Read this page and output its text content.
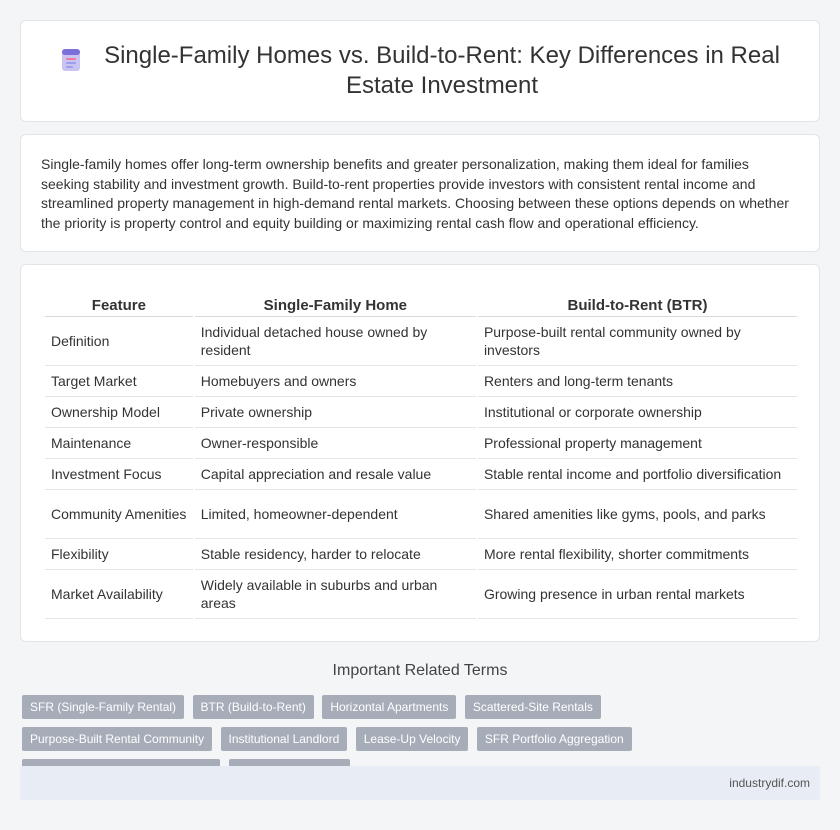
Single-Family Homes vs. Build-to-Rent: Key Differences in Real Estate Investment

Single-family homes offer long-term ownership benefits and greater personalization, making them ideal for families seeking stability and investment growth. Build-to-rent properties provide investors with consistent rental income and streamlined property management in high-demand rental markets. Choosing between these options depends on whether the priority is property control and equity building or maximizing rental cash flow and operational efficiency.

Feature	Single-Family Home	Build-to-Rent (BTR)
Definition	Individual detached house owned by resident	Purpose-built rental community owned by investors
Target Market	Homebuyers and owners	Renters and long-term tenants
Ownership Model	Private ownership	Institutional or corporate ownership
Maintenance	Owner-responsible	Professional property management
Investment Focus	Capital appreciation and resale value	Stable rental income and portfolio diversification
Community Amenities	Limited, homeowner-dependent	Shared amenities like gyms, pools, and parks
Flexibility	Stable residency, harder to relocate	More rental flexibility, shorter commitments
Market Availability	Widely available in suburbs and urban areas	Growing presence in urban rental markets
Important Related Terms
SFR (Single-Family Rental) BTR (Build-to-Rent) Horizontal Apartments Scattered-Site Rentals Purpose-Built Rental Community Institutional Landlord Lease-Up Velocity SFR Portfolio Aggregation
industrydif.com
